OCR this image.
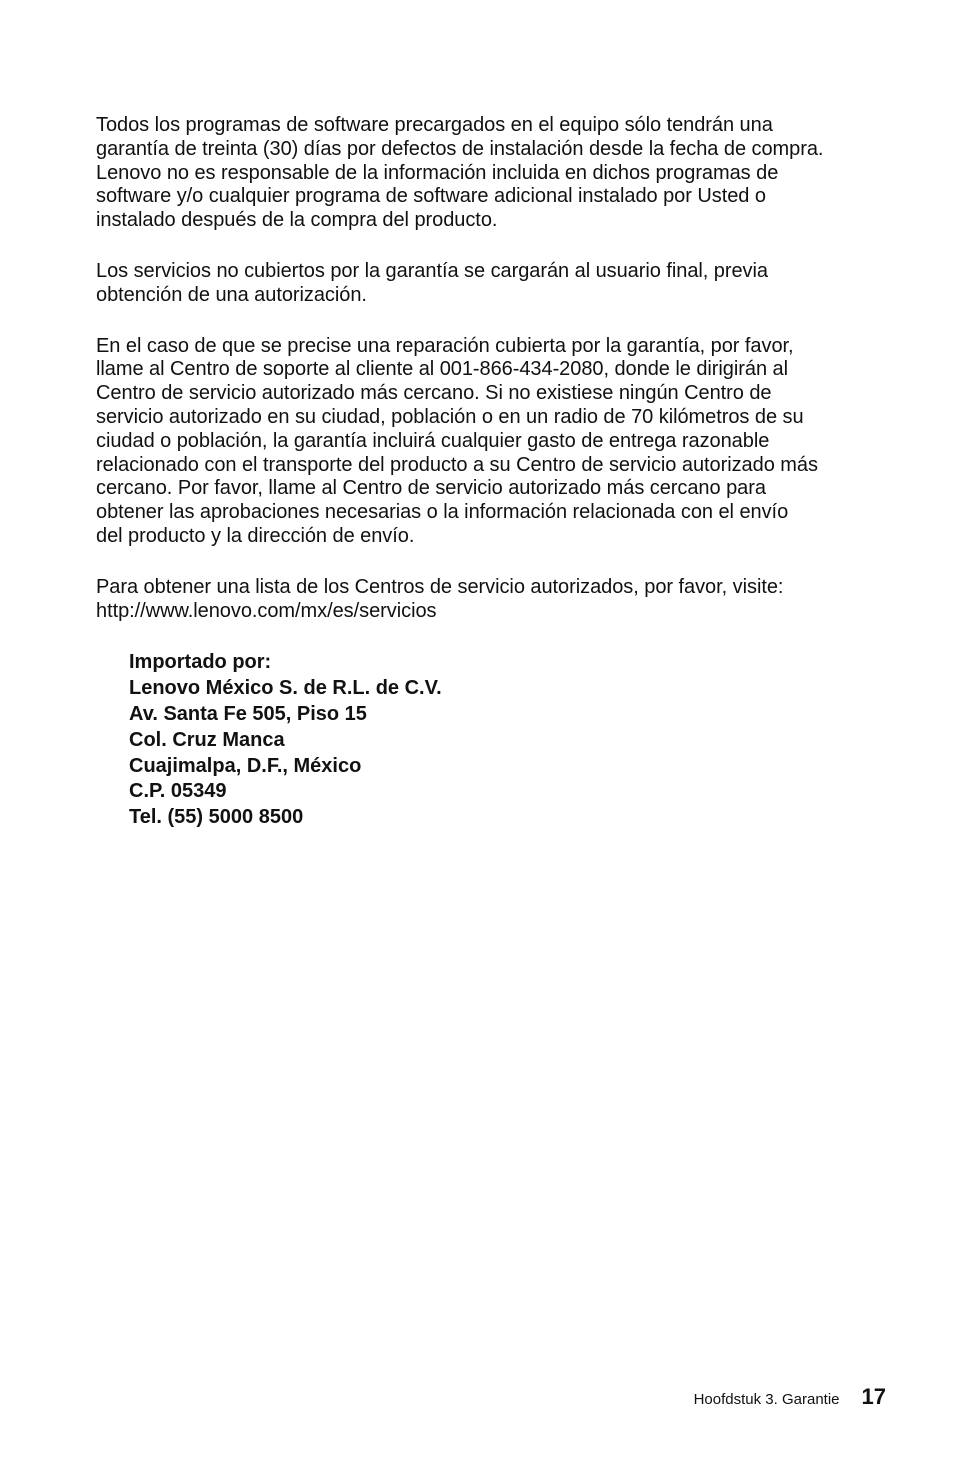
Todos los programas de software precargados en el equipo sólo tendrán una
garantía de treinta (30) días por defectos de instalación desde la fecha de compra.
Lenovo no es responsable de la información incluida en dichos programas de
software y/o cualquier programa de software adicional instalado por Usted o
instalado después de la compra del producto.

Los servicios no cubiertos por la garantía se cargarán al usuario final, previa
obtención de una autorización.

En el caso de que se precise una reparación cubierta por la garantía, por favor,
llame al Centro de soporte al cliente al 001-866-434-2080, donde le dirigirán al
Centro de servicio autorizado más cercano. Si no existiese ningún Centro de
servicio autorizado en su ciudad, población o en un radio de 70 kilómetros de su
ciudad o población, la garantía incluirá cualquier gasto de entrega razonable
relacionado con el transporte del producto a su Centro de servicio autorizado más
cercano. Por favor, llame al Centro de servicio autorizado más cercano para
obtener las aprobaciones necesarias o la información relacionada con el envío
del producto y la dirección de envío.

Para obtener una lista de los Centros de servicio autorizados, por favor, visite:
http://www.lenovo.com/mx/es/servicios

Importado por:
Lenovo México S. de R.L. de C.V.
Av. Santa Fe 505, Piso 15
Col. Cruz Manca
Cuajimalpa, D.F., México
C.P. 05349
Tel. (55) 5000 8500
Hoofdstuk 3. Garantie 17
